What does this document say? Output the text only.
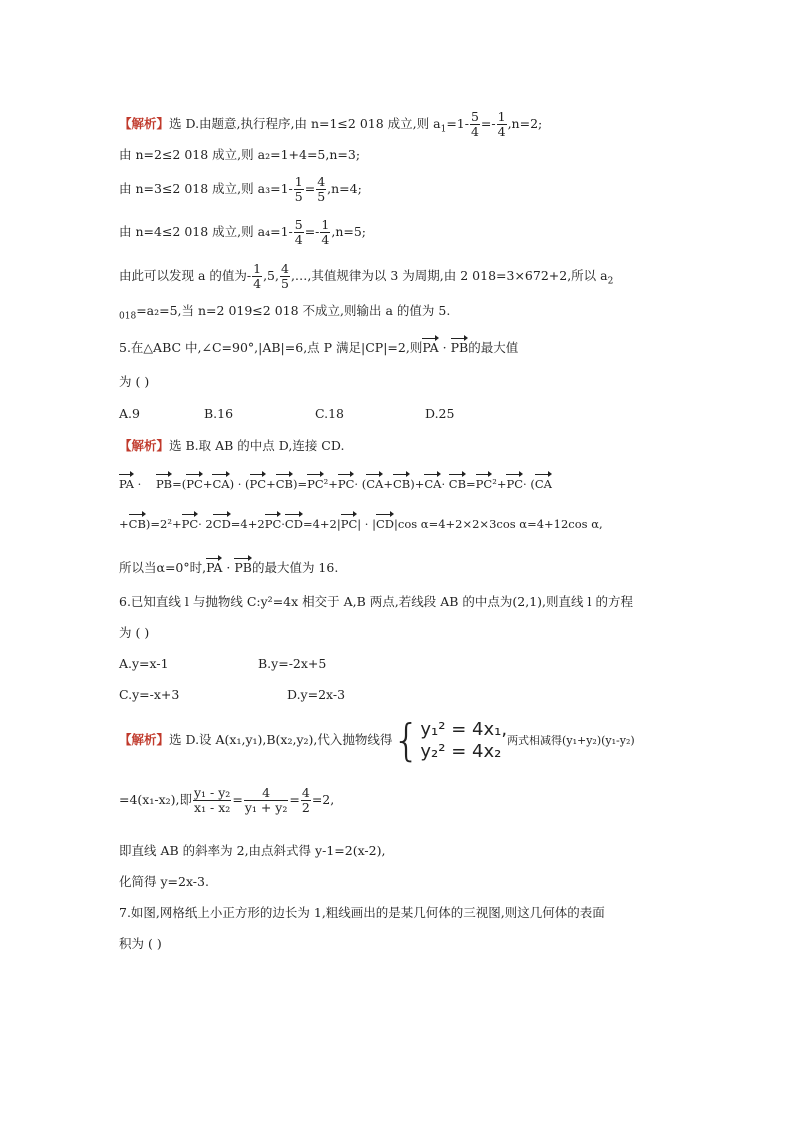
【解析】选 D.由题意,执行程序,由 n=1≤2 018 成立,则 $a_1=1- \frac{5}{4} =- \frac{1}{4} ,n=2$;
由 n=2≤2 018 成立,则 a₂=1+4=5,n=3;
由 n=3≤2 018 成立,则 $a_3=1- \frac{1}{5} = \frac{4}{5} ,n=4$;
由 n=4≤2 018 成立,则 $a_4=1- \frac{5}{4} =- \frac{1}{4} ,n=5$;
由此可以发现 a 的值为- $\frac{1}{4} ,5$, $\frac{4}{5}$ ,…,其值规律为以 3 为周期,由 2 018=3×672+2,所以 $a_2$
$_{018}$=a₂=5,当 n=2 019≤2 018 不成立,则输出 a 的值为 5.
5.在△ABC 中,∠C=90°,|AB|=6,点 P 满足|CP|=2,则PA · PB的最大值
为 ( )
A.9	B.16	C.18	D.25
【解析】选 B.取 AB 的中点 D,连接 CD.
PA · PB=(PC+CA) · (PC+CB)=PC²+PC· (CA+CB)+CA· CB=PC²+PC· (CA
+CB)=2²+PC· 2CD=4+2PC·CD=4+2|PC| · |CD|cos α=4+2×2×3cos α=4+12cos α,
所以当α=0°时,PA · PB的最大值为 16.
6.已知直线 l 与抛物线 C:y²=4x 相交于 A,B 两点,若线段 AB 的中点为(2,1),则直线 l 的方程
为 ( )
A.y=x-1	B.y=-2x+5
C.y=-x+3	D.y=2x-3
【解析】选 D.设 A(x₁,y₁),B(x₂,y₂),代入抛物线得{ y₁² = 4x₁,
y₂² = 4x₂ 两式相减得(y₁+y₂)(y₁-y₂)
=4(x₁-x₂),即 $\frac{\text{y₁ - y₂}}{\text{x₁ - x₂}} = \frac{4}{\text{y₁ + y₂}} = \frac{4}{2} =2$,
即直线 AB 的斜率为 2,由点斜式得 y-1=2(x-2),
化简得 y=2x-3.
7.如图,网格纸上小正方形的边长为 1,粗线画出的是某几何体的三视图,则这几何体的表面
积为 ( )
